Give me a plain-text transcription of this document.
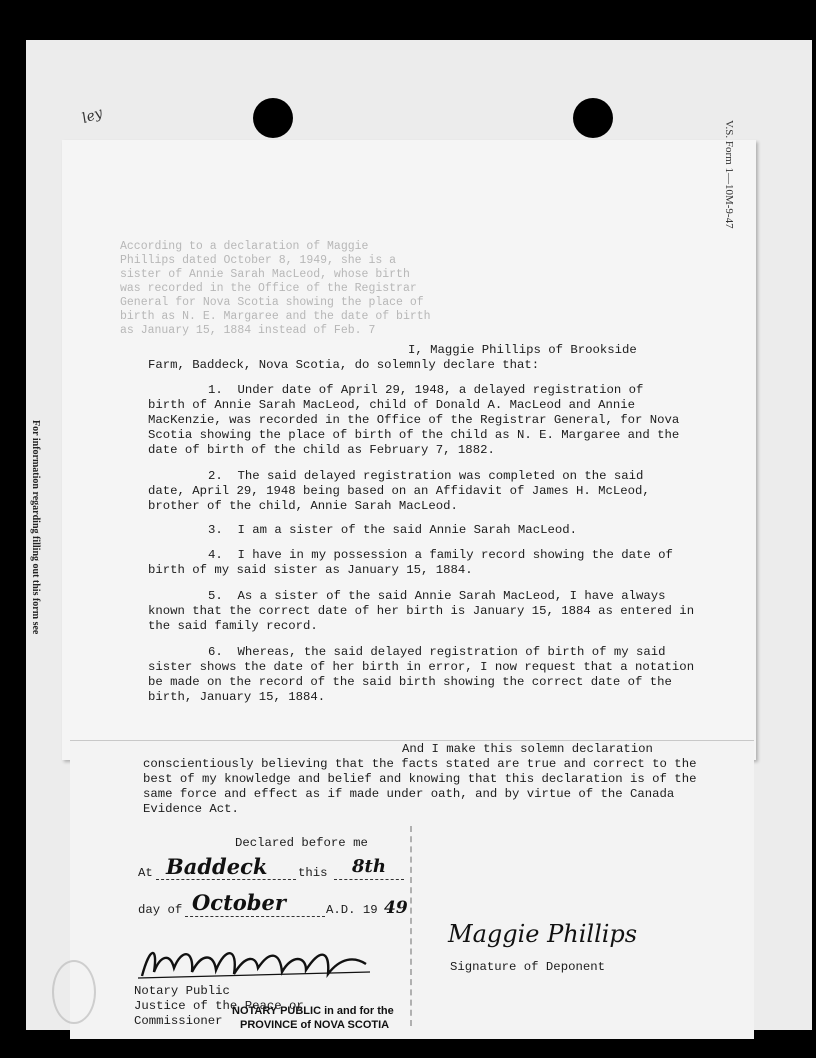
ley
For information regarding filling out this form see
According to a declaration of Maggie
Phillips dated October 8, 1949, she is a
sister of Annie Sarah MacLeod, whose birth
was recorded in the Office of the Registrar
General for Nova Scotia showing the place of
birth as N. E. Margaree and the date of birth
as January 15, 1884 instead of Feb. 7
V.S. Form 1—10M-9-47
I, Maggie Phillips of Brookside
Farm, Baddeck, Nova Scotia, do solemnly declare that:
1.  Under date of April 29, 1948, a delayed registration of
birth of Annie Sarah MacLeod, child of Donald A. MacLeod and Annie
MacKenzie, was recorded in the Office of the Registrar General, for Nova
Scotia showing the place of birth of the child as N. E. Margaree and the
date of birth of the child as February 7, 1882.
2.  The said delayed registration was completed on the said
date, April 29, 1948 being based on an Affidavit of James H. McLeod,
brother of the child, Annie Sarah MacLeod.
3.  I am a sister of the said Annie Sarah MacLeod.
4.  I have in my possession a family record showing the date of
birth of my said sister as January 15, 1884.
5.  As a sister of the said Annie Sarah MacLeod, I have always
known that the correct date of her birth is January 15, 1884 as entered in
the said family record.
6.  Whereas, the said delayed registration of birth of my said
sister shows the date of her birth in error, I now request that a notation
be made on the record of the said birth showing the correct date of the
birth, January 15, 1884.
And I make this solemn declaration
conscientiously believing that the facts stated are true and correct to the
best of my knowledge and belief and knowing that this declaration is of the
same force and effect as if made under oath, and by virtue of the Canada
Evidence Act.
Declared before me
At Baddeck this 8th
day of October	A.D. 19 49
Notary Public
Justice of the Peace or
Commissioner
NOTARY PUBLIC in and for the
PROVINCE of NOVA SCOTIA
Maggie Phillips
Signature of Deponent
